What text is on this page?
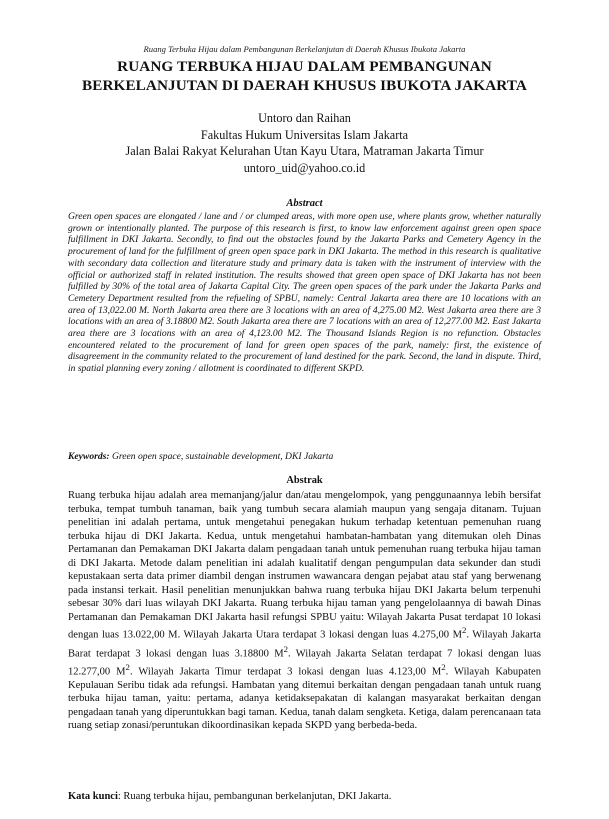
Ruang Terbuka Hijau dalam Pembangunan Berkelanjutan di Daerah Khusus Ibukota Jakarta
RUANG TERBUKA HIJAU DALAM PEMBANGUNAN
BERKELANJUTAN DI DAERAH KHUSUS IBUKOTA JAKARTA
Untoro dan Raihan
Fakultas Hukum Universitas Islam Jakarta
Jalan Balai Rakyat Kelurahan Utan Kayu Utara, Matraman Jakarta Timur
untoro_uid@yahoo.co.id
Abstract
Green open spaces are elongated / lane and / or clumped areas, with more open use, where plants grow, whether naturally grown or intentionally planted. The purpose of this research is first, to know law enforcement against green open space fulfillment in DKI Jakarta. Secondly, to find out the obstacles found by the Jakarta Parks and Cemetery Agency in the procurement of land for the fulfillment of green open space park in DKI Jakarta. The method in this research is qualitative with secondary data collection and literature study and primary data is taken with the instrument of interview with the official or authorized staff in related institution. The results showed that green open space of DKI Jakarta has not been fulfilled by 30% of the total area of Jakarta Capital City. The green open spaces of the park under the Jakarta Parks and Cemetery Department resulted from the refueling of SPBU, namely: Central Jakarta area there are 10 locations with an area of 13,022.00 M. North Jakarta area there are 3 locations with an area of 4,275.00 M2. West Jakarta area there are 3 locations with an area of 3.18800 M2. South Jakarta area there are 7 locations with an area of 12,277.00 M2. East Jakarta area there are 3 locations with an area of 4,123.00 M2. The Thousand Islands Region is no refunction. Obstacles encountered related to the procurement of land for green open spaces of the park, namely: first, the existence of disagreement in the community related to the procurement of land destined for the park. Second, the land in dispute. Third, in spatial planning every zoning / allotment is coordinated to different SKPD.
Keywords: Green open space, sustainable development, DKI Jakarta
Abstrak
Ruang terbuka hijau adalah area memanjang/jalur dan/atau mengelompok, yang penggunaannya lebih bersifat terbuka, tempat tumbuh tanaman, baik yang tumbuh secara alamiah maupun yang sengaja ditanam. Tujuan penelitian ini adalah pertama, untuk mengetahui penegakan hukum terhadap ketentuan pemenuhan ruang terbuka hijau di DKI Jakarta. Kedua, untuk mengetahui hambatan-hambatan yang ditemukan oleh Dinas Pertamanan dan Pemakaman DKI Jakarta dalam pengadaan tanah untuk pemenuhan ruang terbuka hijau taman di DKI Jakarta. Metode dalam penelitian ini adalah kualitatif dengan pengumpulan data sekunder dan studi kepustakaan serta data primer diambil dengan instrumen wawancara dengan pejabat atau staf yang berwenang pada instansi terkait. Hasil penelitian menunjukkan bahwa ruang terbuka hijau DKI Jakarta belum terpenuhi sebesar 30% dari luas wilayah DKI Jakarta. Ruang terbuka hijau taman yang pengelolaannya di bawah Dinas Pertamanan dan Pemakaman DKI Jakarta hasil refungsi SPBU yaitu: Wilayah Jakarta Pusat terdapat 10 lokasi dengan luas 13.022,00 M. Wilayah Jakarta Utara terdapat 3 lokasi dengan luas 4.275,00 $M^2$. Wilayah Jakarta Barat terdapat 3 lokasi dengan luas 3.18800 $M^2$. Wilayah Jakarta Selatan terdapat 7 lokasi dengan luas 12.277,00 $M^2$. Wilayah Jakarta Timur terdapat 3 lokasi dengan luas 4.123,00 $M^2$. Wilayah Kabupaten Kepulauan Seribu tidak ada refungsi. Hambatan yang ditemui berkaitan dengan pengadaan tanah untuk ruang terbuka hijau taman, yaitu: pertama, adanya ketidaksepakatan di kalangan masyarakat berkaitan dengan pengadaan tanah yang diperuntukkan bagi taman. Kedua, tanah dalam sengketa. Ketiga, dalam perencanaan tata ruang setiap zonasi/peruntukan dikoordinasikan kepada SKPD yang berbeda-beda.
Kata kunci: Ruang terbuka hijau, pembangunan berkelanjutan, DKI Jakarta.
